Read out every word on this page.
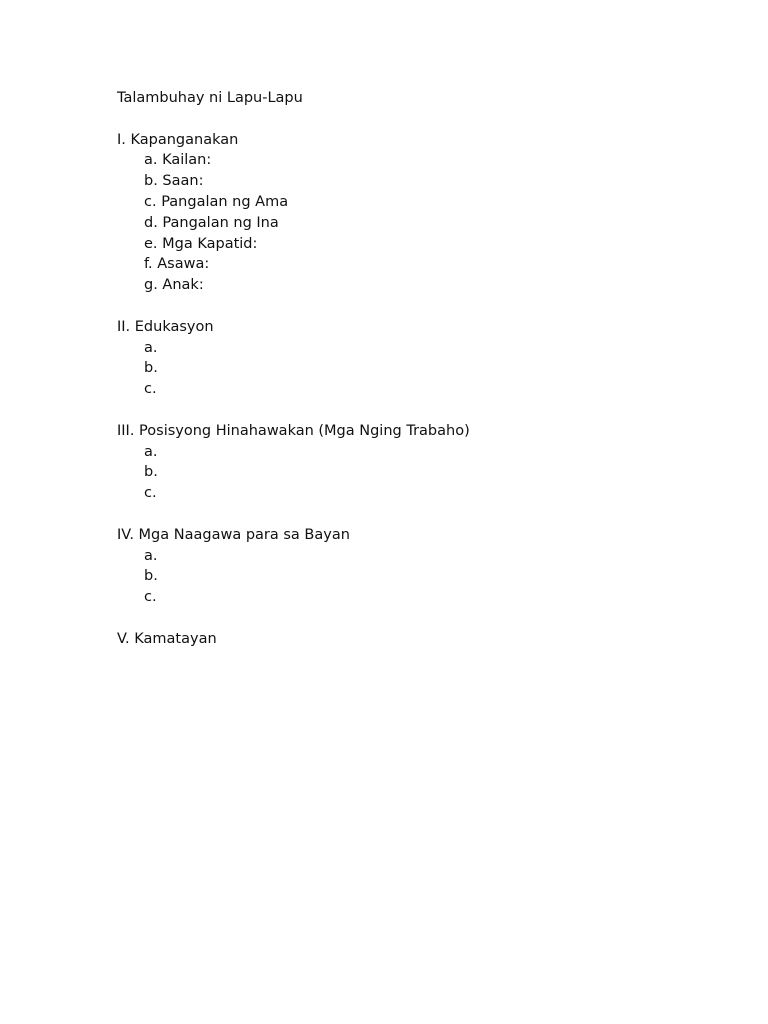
Talambuhay ni Lapu-Lapu
I. Kapanganakan
a. Kailan:
b. Saan:
c. Pangalan ng Ama
d. Pangalan ng Ina
e. Mga Kapatid:
f. Asawa:
g. Anak:
II. Edukasyon
a.
b.
c.
III. Posisyong Hinahawakan (Mga Nging Trabaho)
a.
b.
c.
IV. Mga Naagawa para sa Bayan
a.
b.
c.
V. Kamatayan
